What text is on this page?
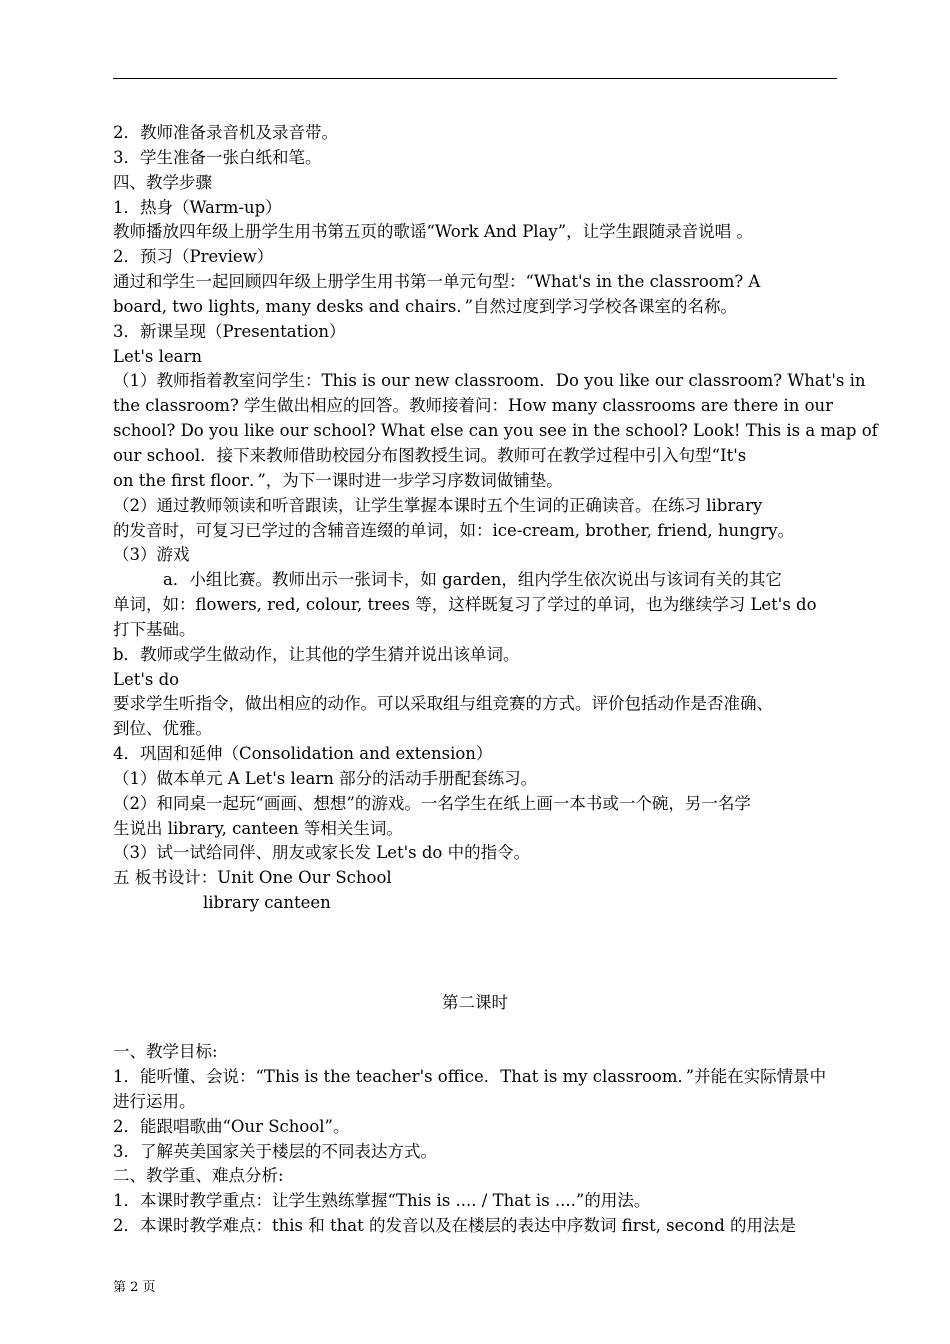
2．教师准备录音机及录音带。
3．学生准备一张白纸和笔。
四、教学步骤
1．热身（Warm-up）
教师播放四年级上册学生用书第五页的歌谣“Work And Play”，让学生跟随录音说唱 。
2．预习（Preview）
通过和学生一起回顾四年级上册学生用书第一单元句型：“What's in the classroom? A
board, two lights, many desks and chairs．”自然过度到学习学校各课室的名称。
3．新课呈现（Presentation）
Let's learn
（1）教师指着教室问学生：This is our new classroom．Do you like our classroom? What's in
the classroom? 学生做出相应的回答。教师接着问：How many classrooms are there in our
school? Do you like our school? What else can you see in the school? Look! This is a map of
our school．接下来教师借助校园分布图教授生词。教师可在教学过程中引入句型“It's
on the first floor．”，为下一课时进一步学习序数词做铺垫。
（2）通过教师领读和听音跟读，让学生掌握本课时五个生词的正确读音。在练习 library
的发音时，可复习已学过的含辅音连缀的单词，如：ice-cream, brother, friend, hungry。
（3）游戏
a．小组比赛。教师出示一张词卡，如 garden，组内学生依次说出与该词有关的其它
单词，如：flowers, red, colour, trees 等，这样既复习了学过的单词，也为继续学习 Let's do
打下基础。
b．教师或学生做动作，让其他的学生猜并说出该单词。
Let's do
要求学生听指令，做出相应的动作。可以采取组与组竞赛的方式。评价包括动作是否准确、
到位、优雅。
4．巩固和延伸（Consolidation and extension）
（1）做本单元 A Let's learn 部分的活动手册配套练习。
（2）和同桌一起玩“画画、想想”的游戏。一名学生在纸上画一本书或一个碗，另一名学
生说出 library, canteen 等相关生词。
（3）试一试给同伴、朋友或家长发 Let's do 中的指令。
五 板书设计：Unit One Our School
library canteen
第二课时
一、教学目标:
1．能听懂、会说：“This is the teacher's office．That is my classroom．”并能在实际情景中
进行运用。
2．能跟唱歌曲“Our School”。
3．了解英美国家关于楼层的不同表达方式。
二、教学重、难点分析:
1．本课时教学重点：让学生熟练掌握“This is .... / That is ....”的用法。
2．本课时教学难点：this 和 that 的发音以及在楼层的表达中序数词 first, second 的用法是
第 2 页
